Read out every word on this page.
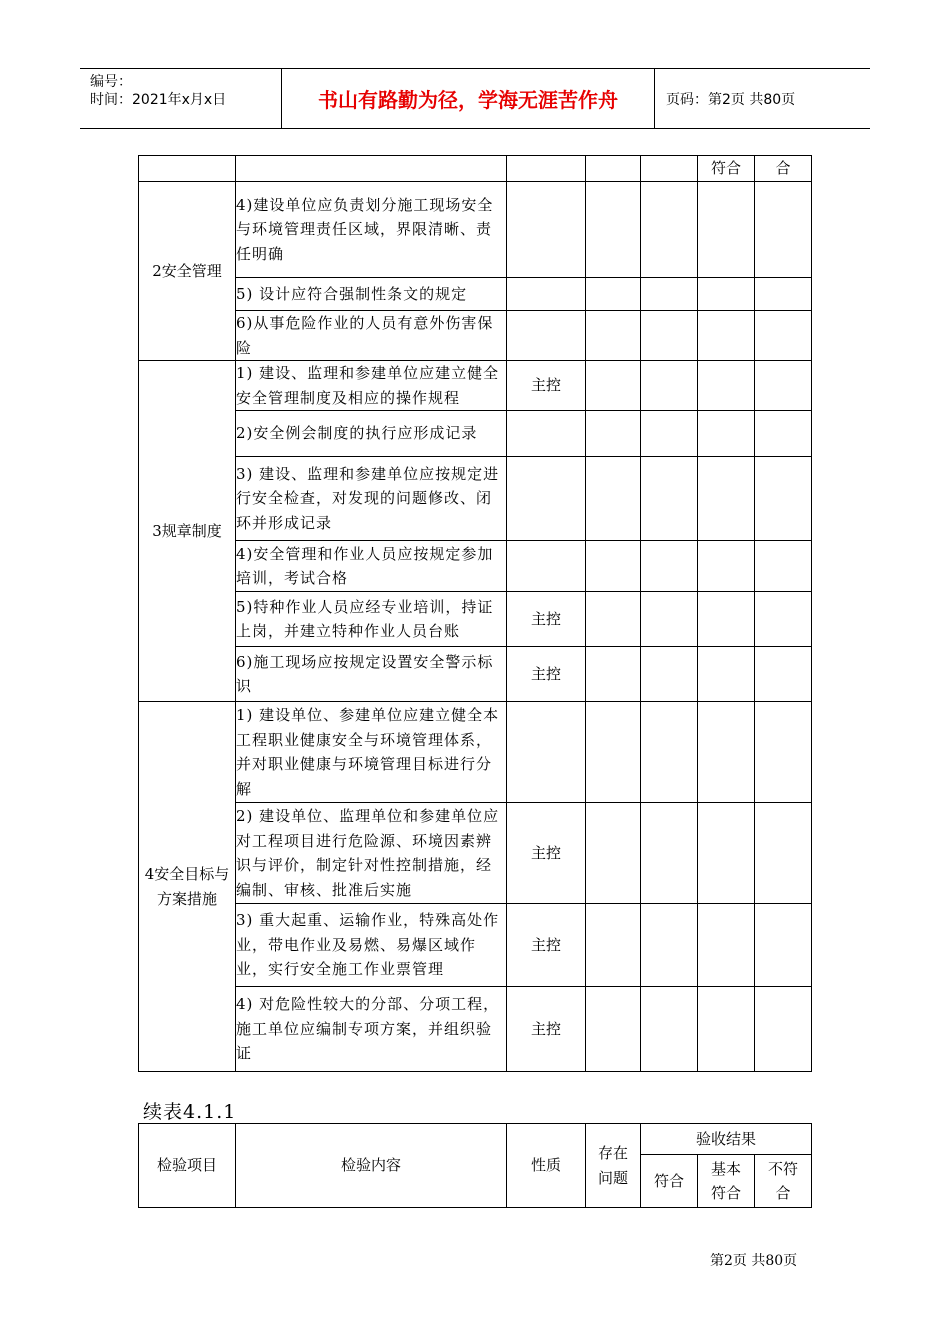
编号：
时间：2021年x月x日	书山有路勤为径，学海无涯苦作舟	页码：第2页 共80页
					符合	合
2安全管理	4)建设单位应负责划分施工现场安全与环境管理责任区域，界限清晰、责任明确					
	5) 设计应符合强制性条文的规定					
	6)从事危险作业的人员有意外伤害保险					
3规章制度	1) 建设、监理和参建单位应建立健全安全管理制度及相应的操作规程	主控				
	2)安全例会制度的执行应形成记录					
	3) 建设、监理和参建单位应按规定进行安全检查，对发现的问题修改、闭环并形成记录					
	4)安全管理和作业人员应按规定参加培训，考试合格					
	5)特种作业人员应经专业培训，持证上岗，并建立特种作业人员台账	主控				
	6)施工现场应按规定设置安全警示标识	主控				
4安全目标与方案措施	1) 建设单位、参建单位应建立健全本工程职业健康安全与环境管理体系，并对职业健康与环境管理目标进行分解					
	2) 建设单位、监理单位和参建单位应对工程项目进行危险源、环境因素辨识与评价，制定针对性控制措施，经编制、审核、批准后实施	主控				
	3) 重大起重、运输作业，特殊高处作业，带电作业及易燃、易爆区域作业，实行安全施工作业票管理	主控				
	4) 对危险性较大的分部、分项工程，施工单位应编制专项方案，并组织验证	主控				
续表4.1.1
检验项目	检验内容	性质	存在问题	验收结果		
				符合	基本符合	不符合
第2页 共80页
